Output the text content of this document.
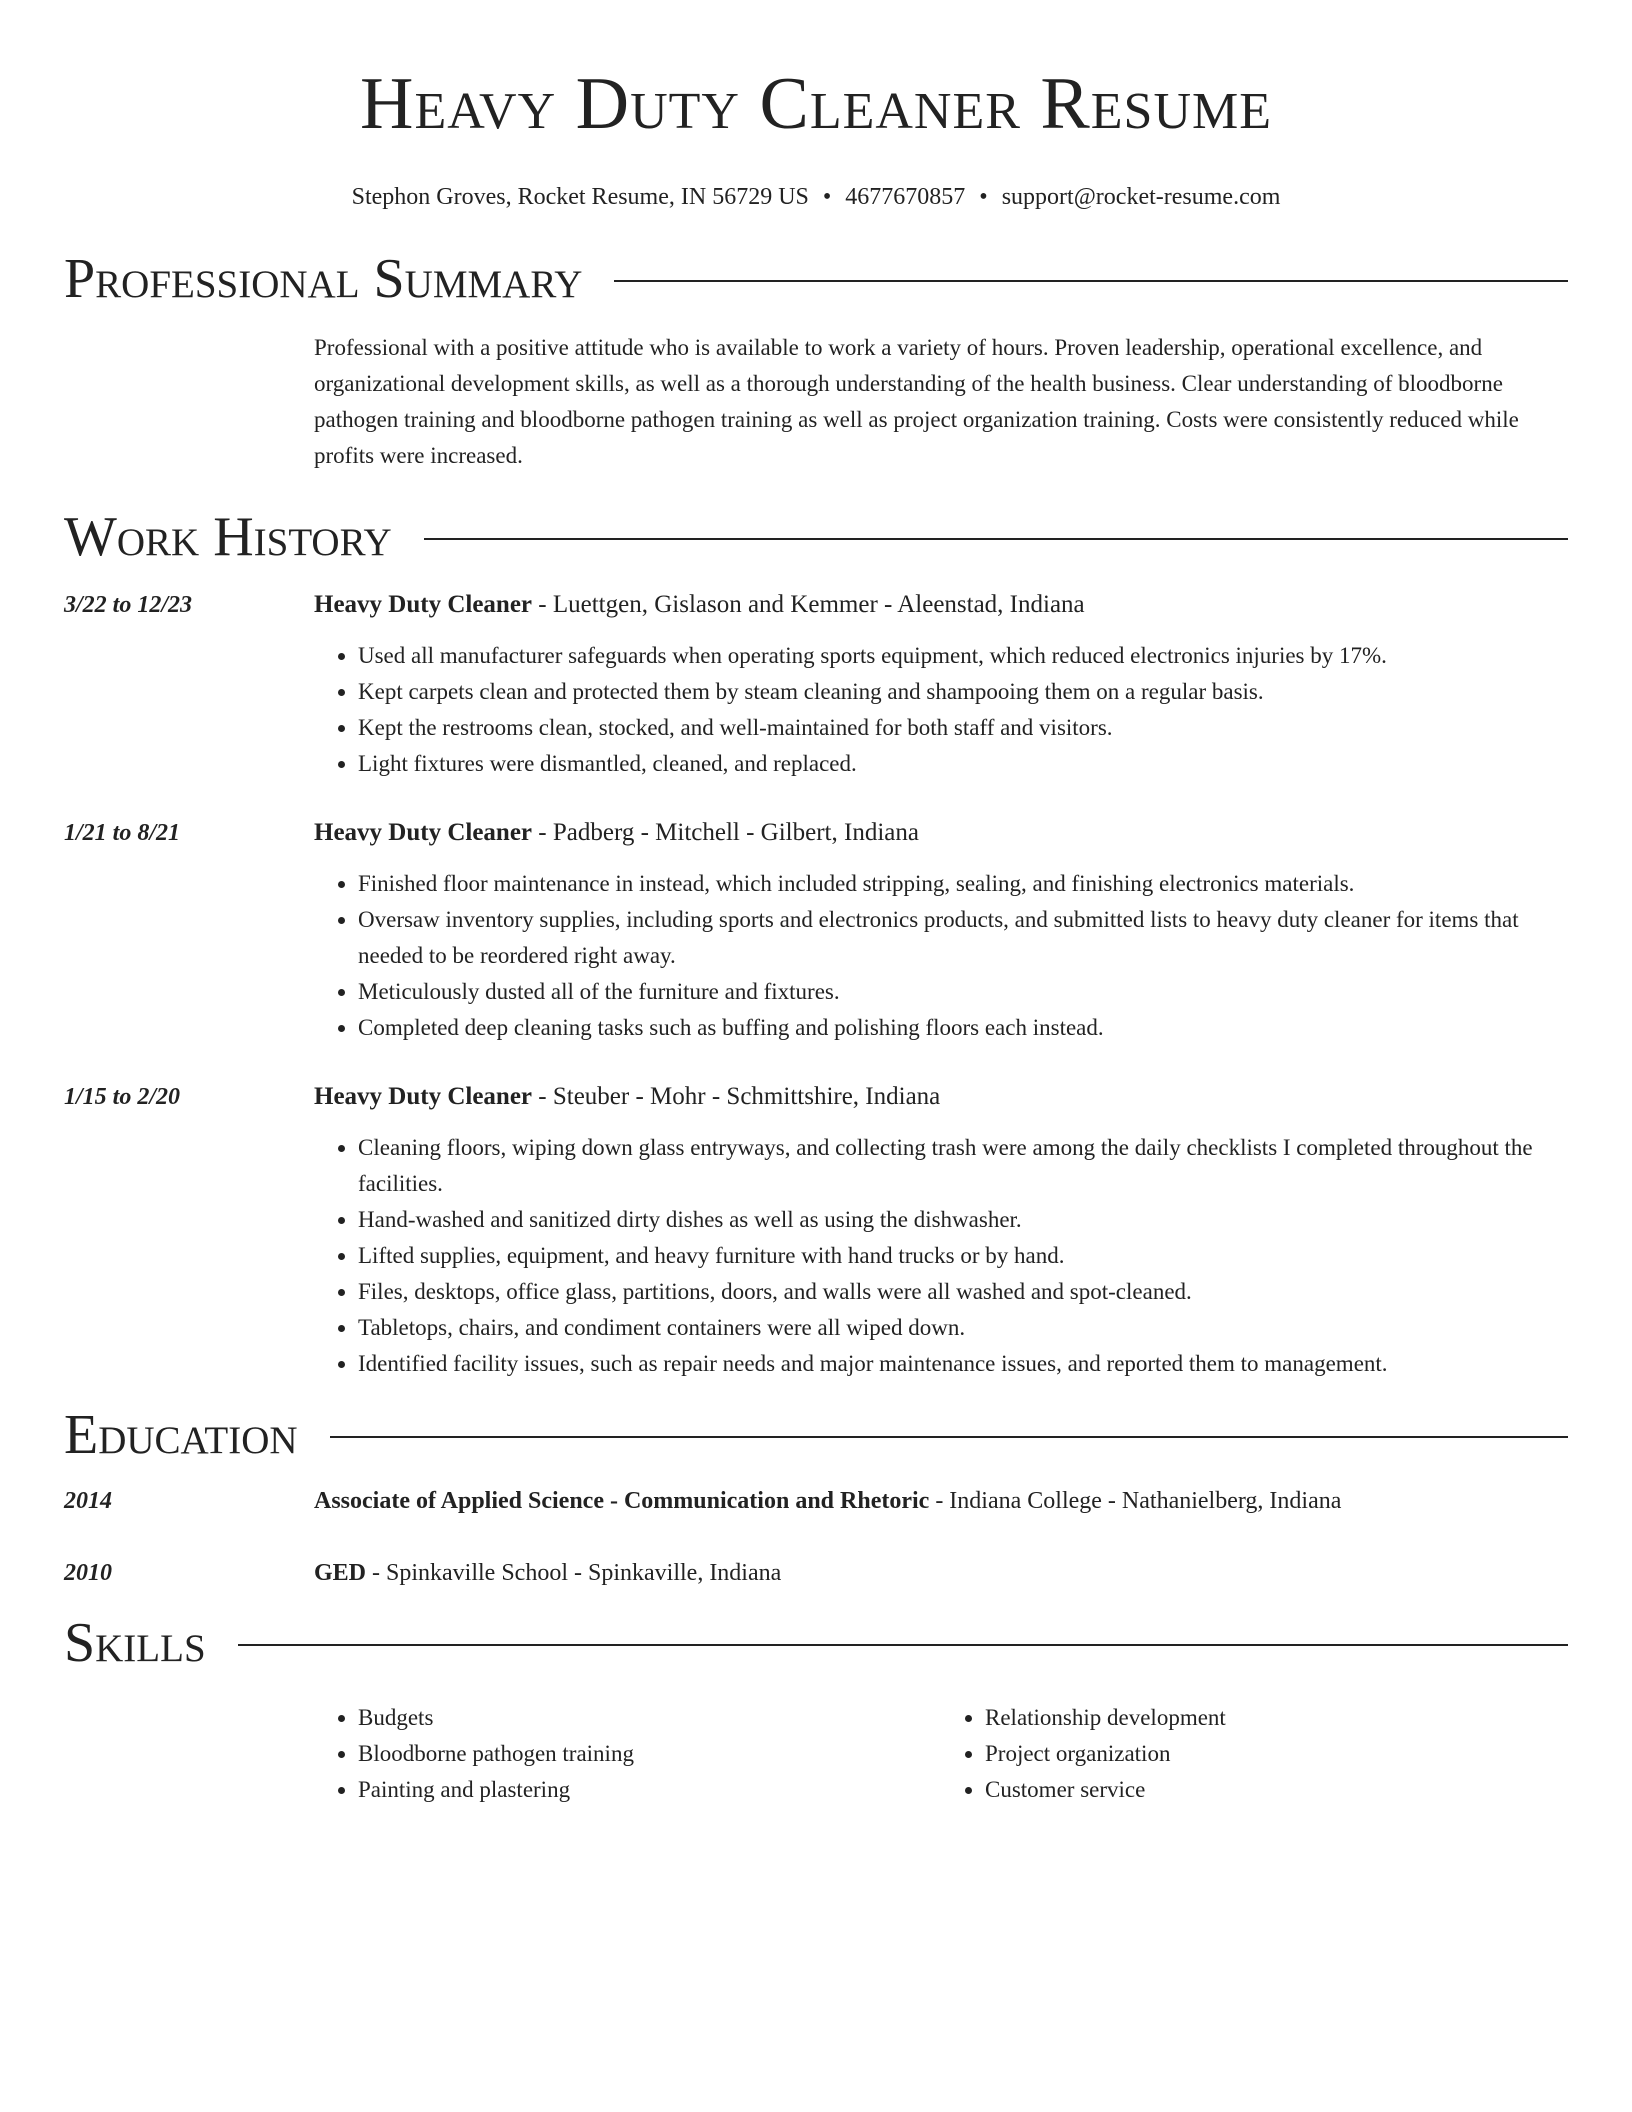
Heavy Duty Cleaner Resume
Stephon Groves, Rocket Resume, IN 56729 US • 4677670857 • support@rocket-resume.com
Professional Summary
Professional with a positive attitude who is available to work a variety of hours. Proven leadership, operational excellence, and organizational development skills, as well as a thorough understanding of the health business. Clear understanding of bloodborne pathogen training and bloodborne pathogen training as well as project organization training. Costs were consistently reduced while profits were increased.
Work History
3/22 to 12/23	Heavy Duty Cleaner - Luettgen, Gislason and Kemmer - Aleenstad, Indiana
• Used all manufacturer safeguards when operating sports equipment, which reduced electronics injuries by 17%.
• Kept carpets clean and protected them by steam cleaning and shampooing them on a regular basis.
• Kept the restrooms clean, stocked, and well-maintained for both staff and visitors.
• Light fixtures were dismantled, cleaned, and replaced.
1/21 to 8/21	Heavy Duty Cleaner - Padberg - Mitchell - Gilbert, Indiana
• Finished floor maintenance in instead, which included stripping, sealing, and finishing electronics materials.
• Oversaw inventory supplies, including sports and electronics products, and submitted lists to heavy duty cleaner for items that needed to be reordered right away.
• Meticulously dusted all of the furniture and fixtures.
• Completed deep cleaning tasks such as buffing and polishing floors each instead.
1/15 to 2/20	Heavy Duty Cleaner - Steuber - Mohr - Schmittshire, Indiana
• Cleaning floors, wiping down glass entryways, and collecting trash were among the daily checklists I completed throughout the facilities.
• Hand-washed and sanitized dirty dishes as well as using the dishwasher.
• Lifted supplies, equipment, and heavy furniture with hand trucks or by hand.
• Files, desktops, office glass, partitions, doors, and walls were all washed and spot-cleaned.
• Tabletops, chairs, and condiment containers were all wiped down.
• Identified facility issues, such as repair needs and major maintenance issues, and reported them to management.
Education
2014	Associate of Applied Science - Communication and Rhetoric - Indiana College - Nathanielberg, Indiana
2010	GED - Spinkaville School - Spinkaville, Indiana
Skills
• Budgets
• Bloodborne pathogen training
• Painting and plastering
• Relationship development
• Project organization
• Customer service
